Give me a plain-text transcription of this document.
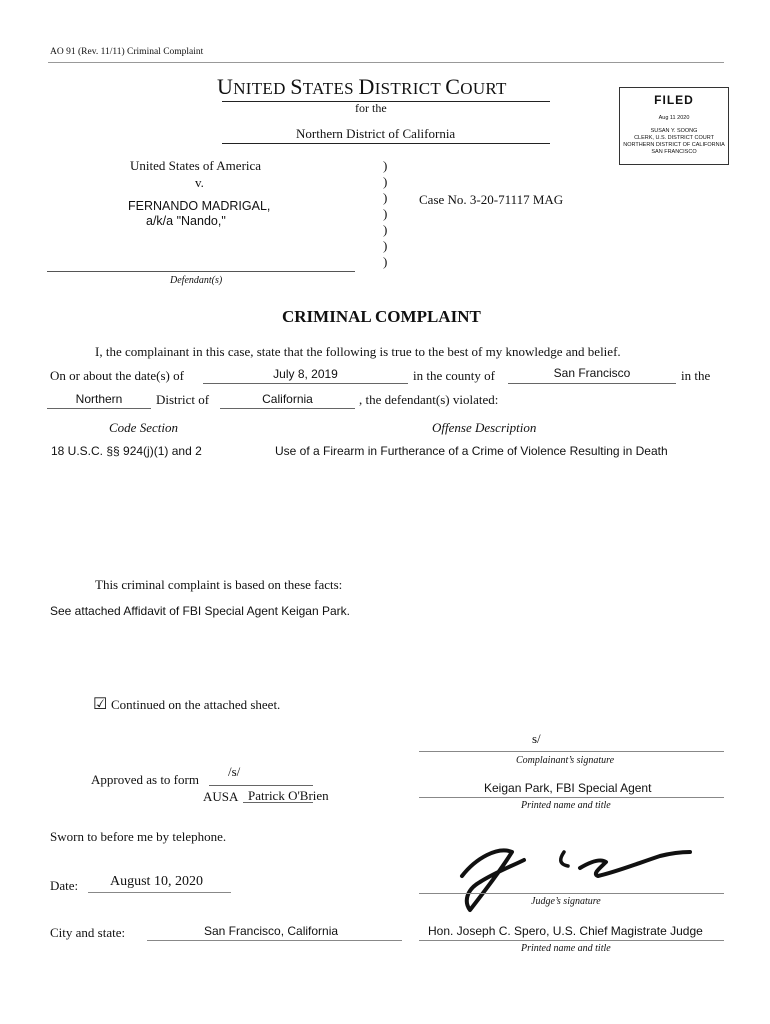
AO 91 (Rev. 11/11) Criminal Complaint
UNITED STATES DISTRICT COURT
for the
Northern District of California
FILED
Aug 11 2020
SUSAN Y. SOONG
CLERK, U.S. DISTRICT COURT
NORTHERN DISTRICT OF CALIFORNIA
SAN FRANCISCO
United States of America
v.
FERNANDO MADRIGAL,
a/k/a "Nando,"
Defendant(s)
)
)
)
)
)
)
)
Case No. 3-20-71117 MAG
CRIMINAL COMPLAINT
I, the complainant in this case, state that the following is true to the best of my knowledge and belief.
On or about the date(s) of	July 8, 2019	in the county of	San Francisco	in the
Northern	District of	California	, the defendant(s) violated:
Code Section	Offense Description
18 U.S.C. §§ 924(j)(1) and 2	Use of a Firearm in Furtherance of a Crime of Violence Resulting in Death
This criminal complaint is based on these facts:
See attached Affidavit of FBI Special Agent Keigan Park.
☑ Continued on the attached sheet.
s/
Complainant’s signature
Keigan Park, FBI Special Agent
Printed name and title
Approved as to form
/s/
AUSA Patrick O'Brien
Sworn to before me by telephone.
Date: August 10, 2020
Judge’s signature
City and state:	San Francisco, California	Hon. Joseph C. Spero, U.S. Chief Magistrate Judge
Printed name and title
